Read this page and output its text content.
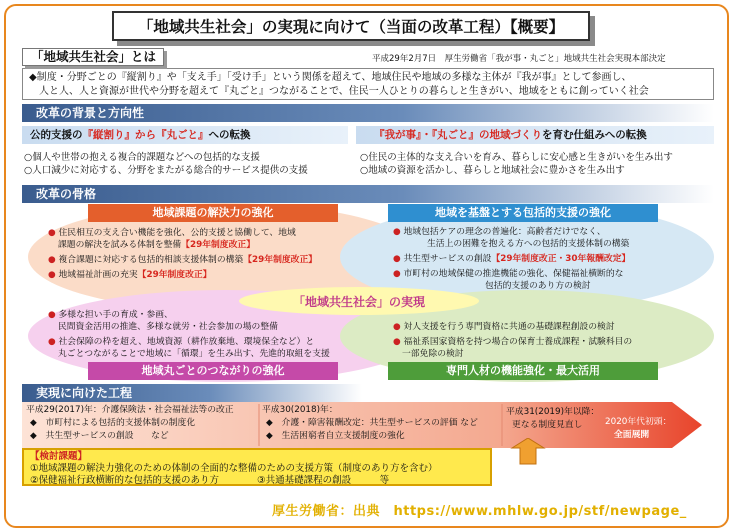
「地域共生社会」の実現に向けて（当面の改革工程）【概要】
「地域共生社会」とは	平成29年2月7日　厚生労働省「我が事・丸ごと」地域共生社会実現本部決定
◆制度・分野ごとの『縦割り』や「支え手」「受け手」という関係を超えて、地域住民や地域の多様な主体が『我が事』として参画し、
人と人、人と資源が世代や分野を超えて『丸ごと』つながることで、住民一人ひとりの暮らしと生きがい、地域をともに創っていく社会
改革の背景と方向性
公的支援の『縦割り』から『丸ごと』への転換
○個人や世帯の抱える複合的課題などへの包括的な支援
○人口減少に対応する、分野をまたがる総合的サービス提供の支援
『我が事』・『丸ごと』の地域づくりを育む仕組みへの転換
○住民の主体的な支え合いを育み、暮らしに安心感と生きがいを生み出す
○地域の資源を活かし、暮らしと地域社会に豊かさを生み出す
改革の骨格
地域課題の解決力の強化	地域を基盤とする包括的支援の強化
地域丸ごとのつながりの強化	専門人材の機能強化・最大活用
● 住民相互の支え合い機能を強化、公的支援と協働して、地域
課題の解決を試みる体制を整備【29年制度改正】
● 複合課題に対応する包括的相談支援体制の構築【29年制度改正】
● 地域福祉計画の充実【29年制度改正】
● 地域包括ケアの理念の普遍化：高齢者だけでなく、
生活上の困難を抱える方への包括的支援体制の構築
● 共生型サービスの創設【29年制度改正・30年報酬改定】
● 市町村の地域保健の推進機能の強化、保健福祉横断的な
包括的支援のあり方の検討
「地域共生社会」の実現
● 多様な担い手の育成・参画、
民間資金活用の推進、多様な就労・社会参加の場の整備
● 社会保障の枠を超え、地域資源（耕作放棄地、環境保全など）と
丸ごとつながることで地域に「循環」を生み出す、先進的取組を支援
● 対人支援を行う専門資格に共通の基礎課程創設の検討
● 福祉系国家資格を持つ場合の保育士養成課程・試験科目の
一部免除の検討
実現に向けた工程
平成29(2017)年：介護保険法・社会福祉法等の改正
◆　市町村による包括的支援体制の制度化
◆　共生型サービスの創設　　など
平成30(2018)年：
◆　介護・障害報酬改定：共生型サービスの評価 など
◆　生活困窮者自立支援制度の強化
平成31(2019)年以降：
更なる制度見直し	2020年代初頭：
全面展開
【検討課題】
①地域課題の解決力強化のための体制の全面的な整備のための支援方策（制度のあり方を含む）
②保健福祉行政横断的な包括的支援のあり方　　　　	③共通基礎課程の創設　　　等
厚生労働省：出典　https://www.mhlw.go.jp/stf/newpage_
